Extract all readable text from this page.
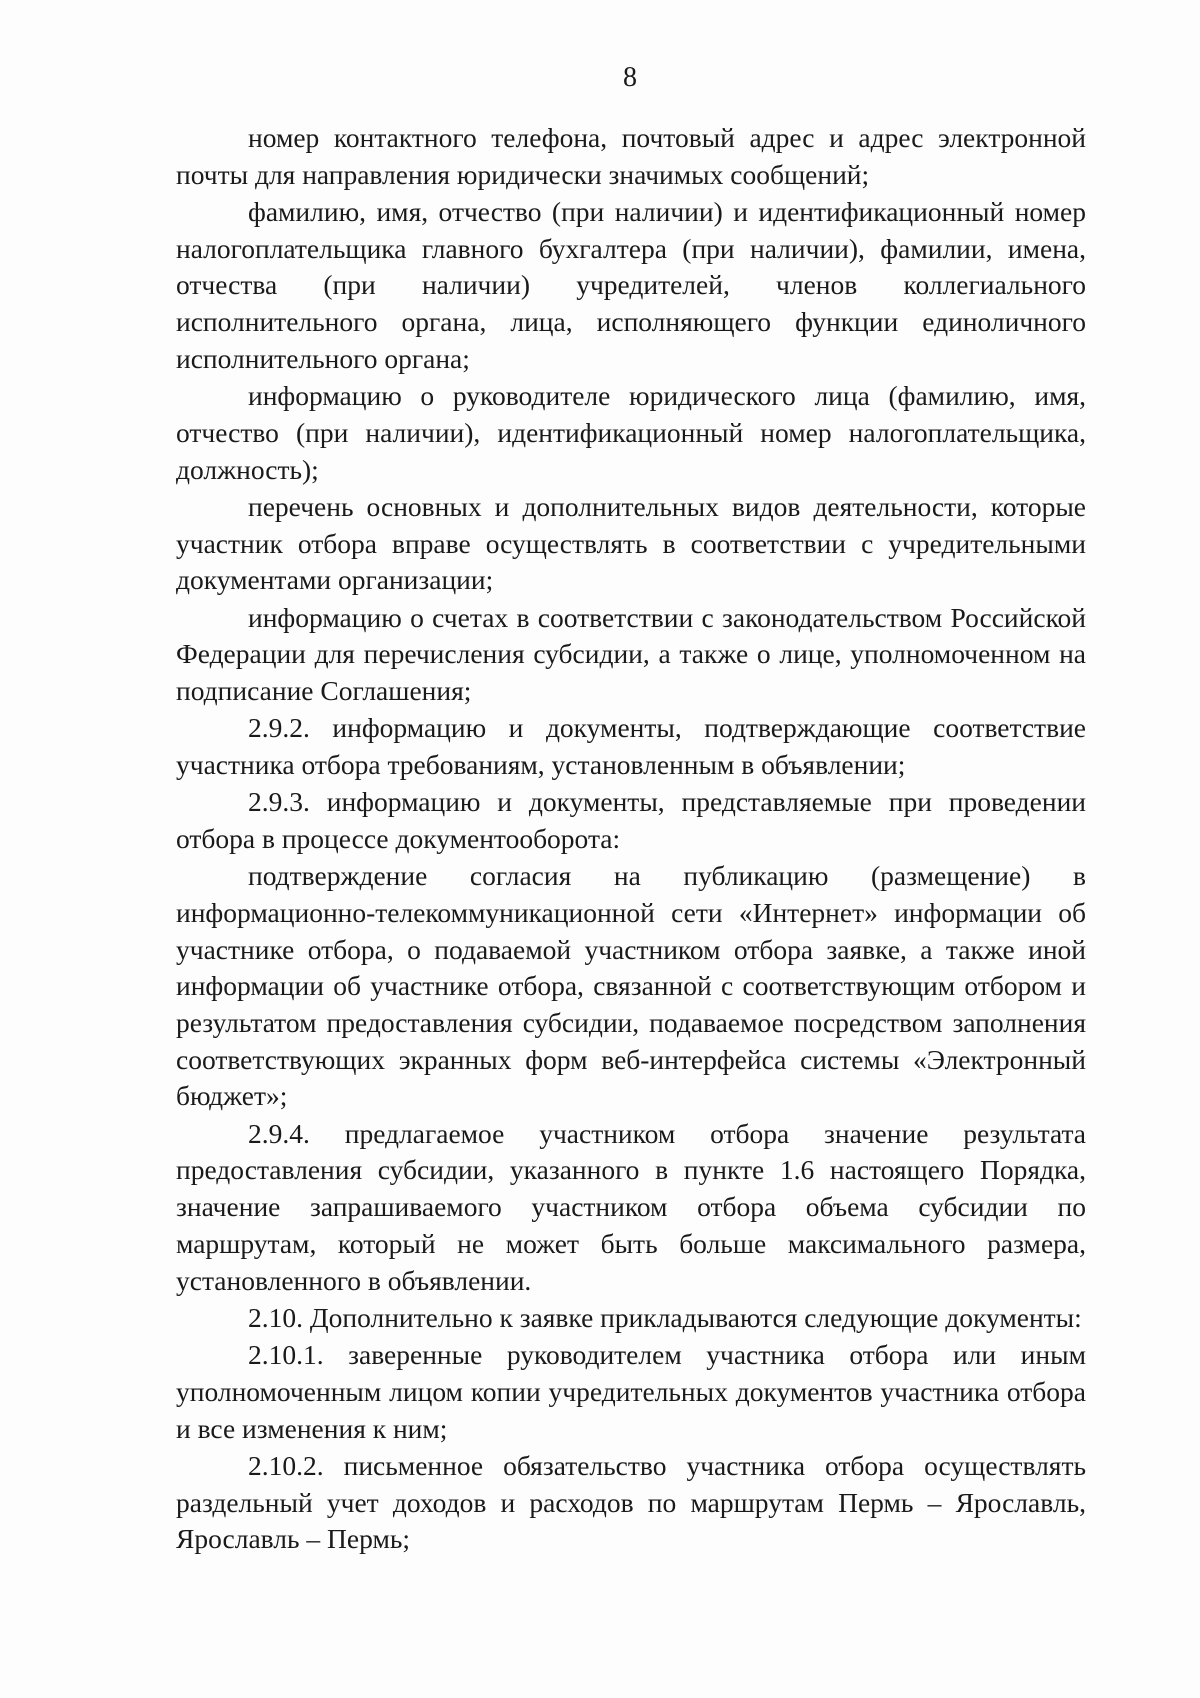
8

номер контактного телефона, почтовый адрес и адрес электронной почты для направления юридически значимых сообщений;

фамилию, имя, отчество (при наличии) и идентификационный номер налогоплательщика главного бухгалтера (при наличии), фамилии, имена, отчества (при наличии) учредителей, членов коллегиального исполнительного органа, лица, исполняющего функции единоличного исполнительного органа;

информацию о руководителе юридического лица (фамилию, имя, отчество (при наличии), идентификационный номер налогоплательщика, должность);

перечень основных и дополнительных видов деятельности, которые участник отбора вправе осуществлять в соответствии с учредительными документами организации;

информацию о счетах в соответствии с законодательством Российской Федерации для перечисления субсидии, а также о лице, уполномоченном на подписание Соглашения;

2.9.2. информацию и документы, подтверждающие соответствие участника отбора требованиям, установленным в объявлении;

2.9.3. информацию и документы, представляемые при проведении отбора в процессе документооборота:

подтверждение согласия на публикацию (размещение) в информационно-телекоммуникационной сети «Интернет» информации об участнике отбора, о подаваемой участником отбора заявке, а также иной информации об участнике отбора, связанной с соответствующим отбором и результатом предоставления субсидии, подаваемое посредством заполнения соответствующих экранных форм веб-интерфейса системы «Электронный бюджет»;

2.9.4. предлагаемое участником отбора значение результата предоставления субсидии, указанного в пункте 1.6 настоящего Порядка, значение запрашиваемого участником отбора объема субсидии по маршрутам, который не может быть больше максимального размера, установленного в объявлении.

2.10. Дополнительно к заявке прикладываются следующие документы:

2.10.1. заверенные руководителем участника отбора или иным уполномоченным лицом копии учредительных документов участника отбора и все изменения к ним;

2.10.2. письменное обязательство участника отбора осуществлять раздельный учет доходов и расходов по маршрутам Пермь – Ярославль, Ярославль – Пермь;
